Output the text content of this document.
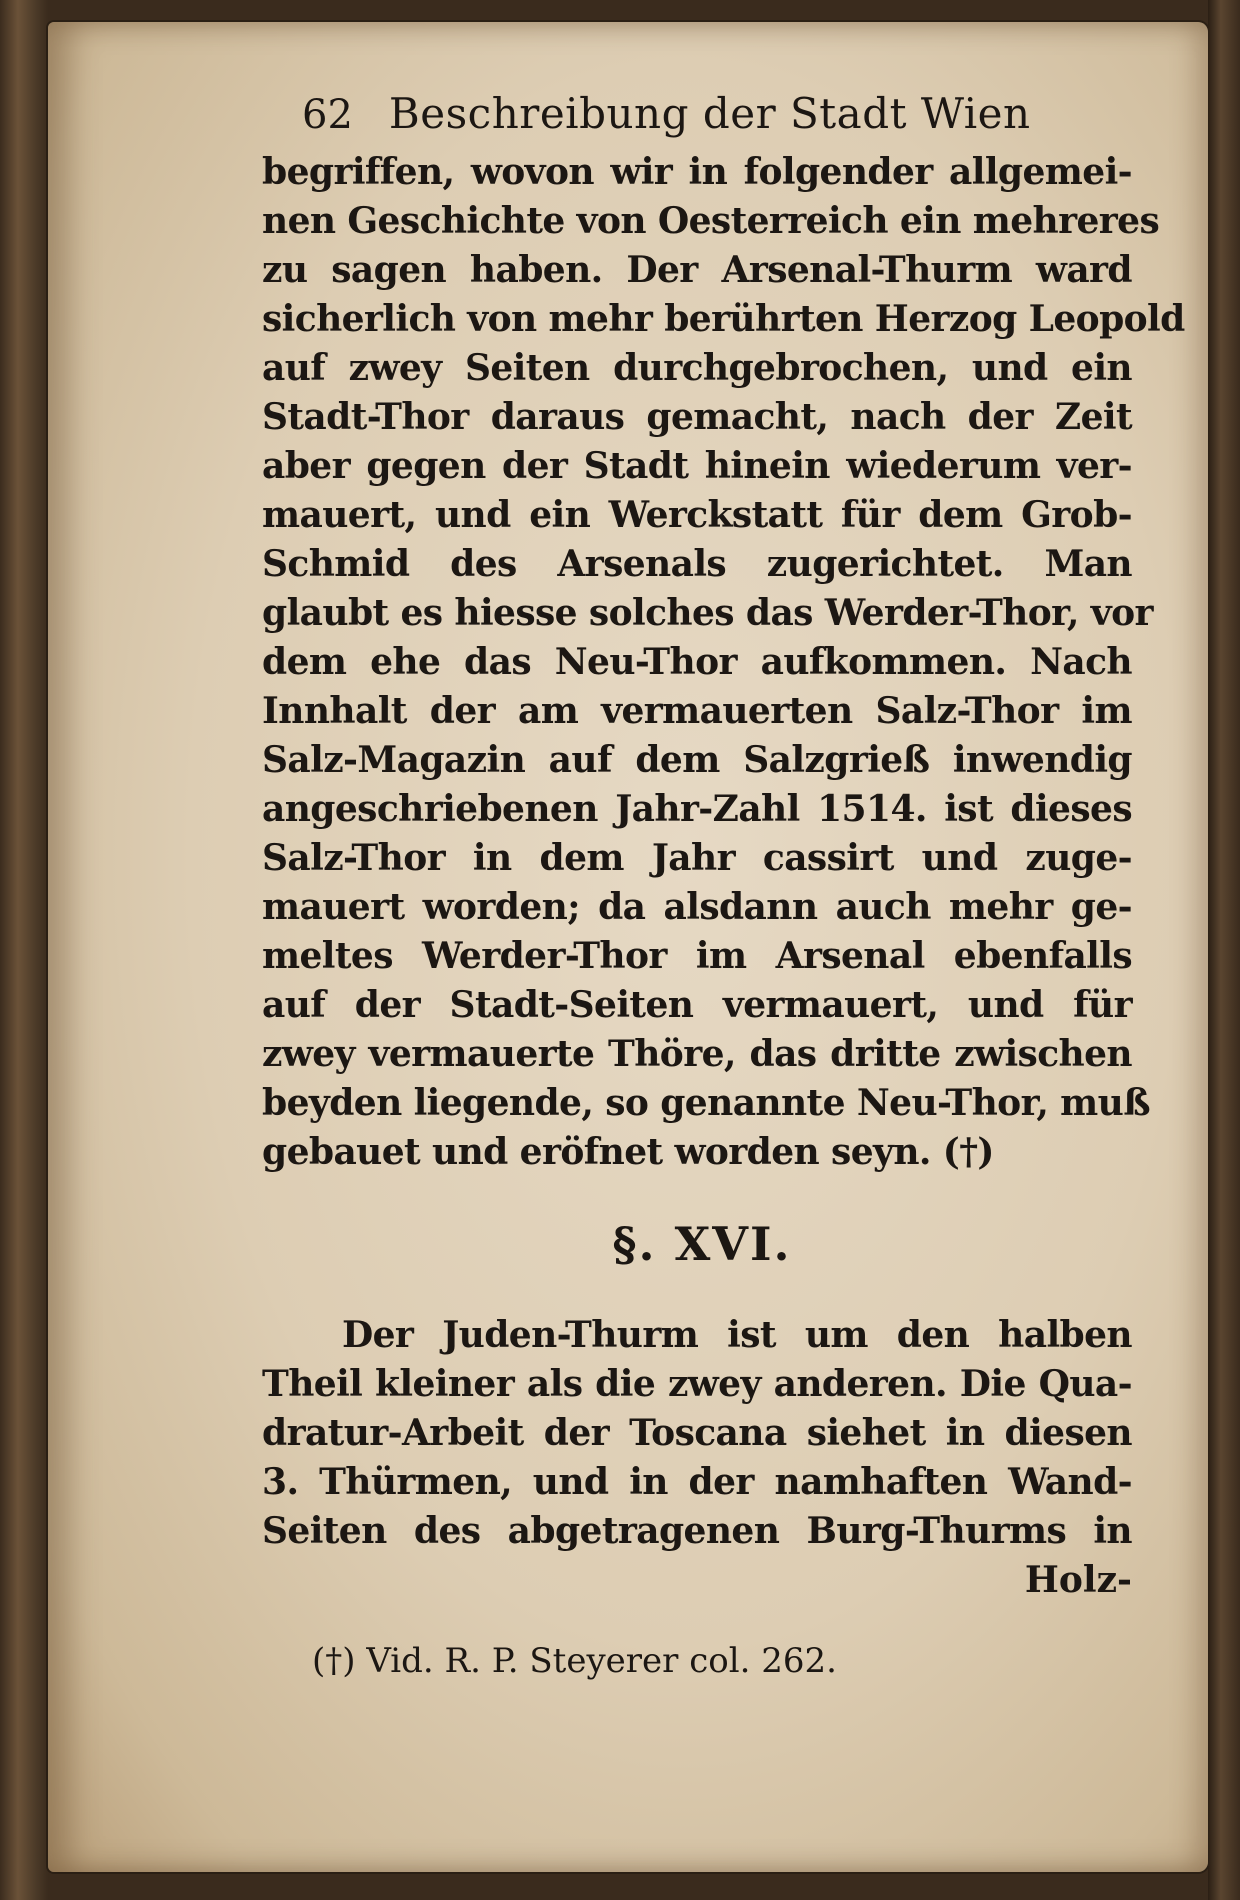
62 Beschreibung der Stadt Wien
begriffen, wovon wir in folgender allgemei-
nen Geschichte von Oesterreich ein mehreres
zu sagen haben. Der Arsenal-Thurm ward
sicherlich von mehr berührten Herzog Leopold
auf zwey Seiten durchgebrochen, und ein
Stadt-Thor daraus gemacht, nach der Zeit
aber gegen der Stadt hinein wiederum ver-
mauert, und ein Werckstatt für dem Grob-
Schmid des Arsenals zugerichtet. Man
glaubt es hiesse solches das Werder-Thor, vor
dem ehe das Neu-Thor aufkommen. Nach
Innhalt der am vermauerten Salz-Thor im
Salz-Magazin auf dem Salzgrieß inwendig
angeschriebenen Jahr-Zahl 1514. ist dieses
Salz-Thor in dem Jahr cassirt und zuge-
mauert worden; da alsdann auch mehr ge-
meltes Werder-Thor im Arsenal ebenfalls
auf der Stadt-Seiten vermauert, und für
zwey vermauerte Thöre, das dritte zwischen
beyden liegende, so genannte Neu-Thor, muß
gebauet und eröfnet worden seyn. (†)
§. XVI.
Der Juden-Thurm ist um den halben
Theil kleiner als die zwey anderen. Die Qua-
dratur-Arbeit der Toscana siehet in diesen
3. Thürmen, und in der namhaften Wand-
Seiten des abgetragenen Burg-Thurms in
Holz-
(†) Vid. R. P. Steyerer col. 262.
